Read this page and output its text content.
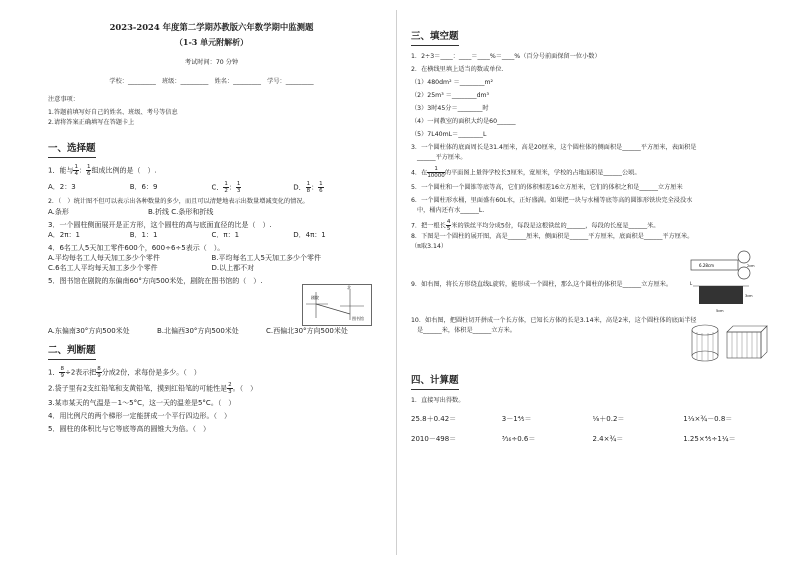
2023-2024 年度第二学期苏教版六年数学期中监测题
（1-3 单元附解析）
考试时间：70 分钟
学校：_________　班级：_________　姓名：_________　学号：_________
注意事项：
1.答题前填写好自己的姓名、班级、考号等信息
2.请将答案正确填写在答题卡上
一、选择题
1．能与 $\frac{1}{4}$ ： $\frac{1}{6}$ 组成比例的是（　）.
A．2：3	B．6：9	C． $\frac{1}{2}$ ： $\frac{1}{3}$	D． $\frac{1}{8}$ ： $\frac{1}{6}$
2．（　）统计图不但可以表示出各种数量的多少，而且可以清楚地表示出数量增减变化的情况。
A.条形	B.折线 C.条形和折线
3．一个圆柱侧面展开是正方形，这个圆柱的高与底面直径的比是（　）.
A．2π：1	B．1：1	C．π：1	D．4π：1
4．6名工人5天加工零件600个，600÷6÷5表示（　）。
A.平均每名工人每天加工多少个零件	B.平均每名工人5天加工多少个零件
C.6名工人平均每天加工多少个零件	D.以上都不对
5．图书馆在剧院的东偏南60°方向500米处，剧院在图书馆的（　）.
北
剧院
图书馆
A.东偏南30°方向500米处	B.北偏西30°方向500米处	C.西偏北30°方向500米处
二、判断题
1． $\frac{8}{9} \div 2$表示把 $\frac{8}{9}$ 分成2份，求每份是多少。（　）
2.袋子里有2支红铅笔和支黄铅笔，摸到红铅笔的可能性是 $\frac{2}{3}$ 。（　）
3.某市某天的气温是－1～5°C，这一天的温差是5°C。（　）
4．用比例尺的两个梯形一定能拼成一个平行四边形。（　）
5．圆柱的体积比与它等底等高的圆锥大为倍。（　）
三、填空题
1．2÷3＝____：____＝____%＝____%（百分号前面保留一位小数）
2．在横线里填上适当的数或单位．
（1）480dm² ＝________m²
（2）25m³ ＝________dm³
（3）3时45分＝________时
（4）一间教室的面积大约是60______
（5）7L40mL＝________L
3．一个圆柱体的底面周长是31.4厘米，高是20厘米，这个圆柱体的侧面积是______平方厘米，表面积是
______平方厘米。
4．在 $\frac{1}{10000}$ 的平面图上量得学校长3厘米，宽厘米，学校的占地面积是______公顷。
5．一个圆柱和一个圆锥等底等高，它们的体积相差16立方厘米，它们的体积之和是______立方厘米
6．一个圆柱形水桶，里面盛有60L水，正好盛满。如果把一块与水桶等底等高的圆锥形铁块完全浸没水
中，桶内还有水______L．
7．把一根长 $\frac{4}{5}$ 米的铁丝平均分成5份，每段是这根铁丝的______，每段的长度是______米。
8．下图是一个圆柱的展开图，高是______厘米，侧面积是______平方厘米，底面积是______平方厘米。
（π取3.14）
6.28cm	2cm
9．如右图，将长方形绕直线L旋转，能形成一个圆柱，那么这个圆柱的体积是______立方厘米。	L
3cm
5cm
10．如右图，把圆柱切开拼成一个长方体，已知长方体的长是3.14米，高是2米，这个圆柱体的底面半径
是______米，体积是______立方米。
四、计算题
1．直接写出得数。
25.8＋0.42＝	3－1⁴⁄₅＝	⅛＋0.2＝	1⅓×¾－0.8＝
2010－498＝	³⁄₁₆÷0.6＝	2.4×¾＝	1.25×⁴⁄₅÷1¼＝
